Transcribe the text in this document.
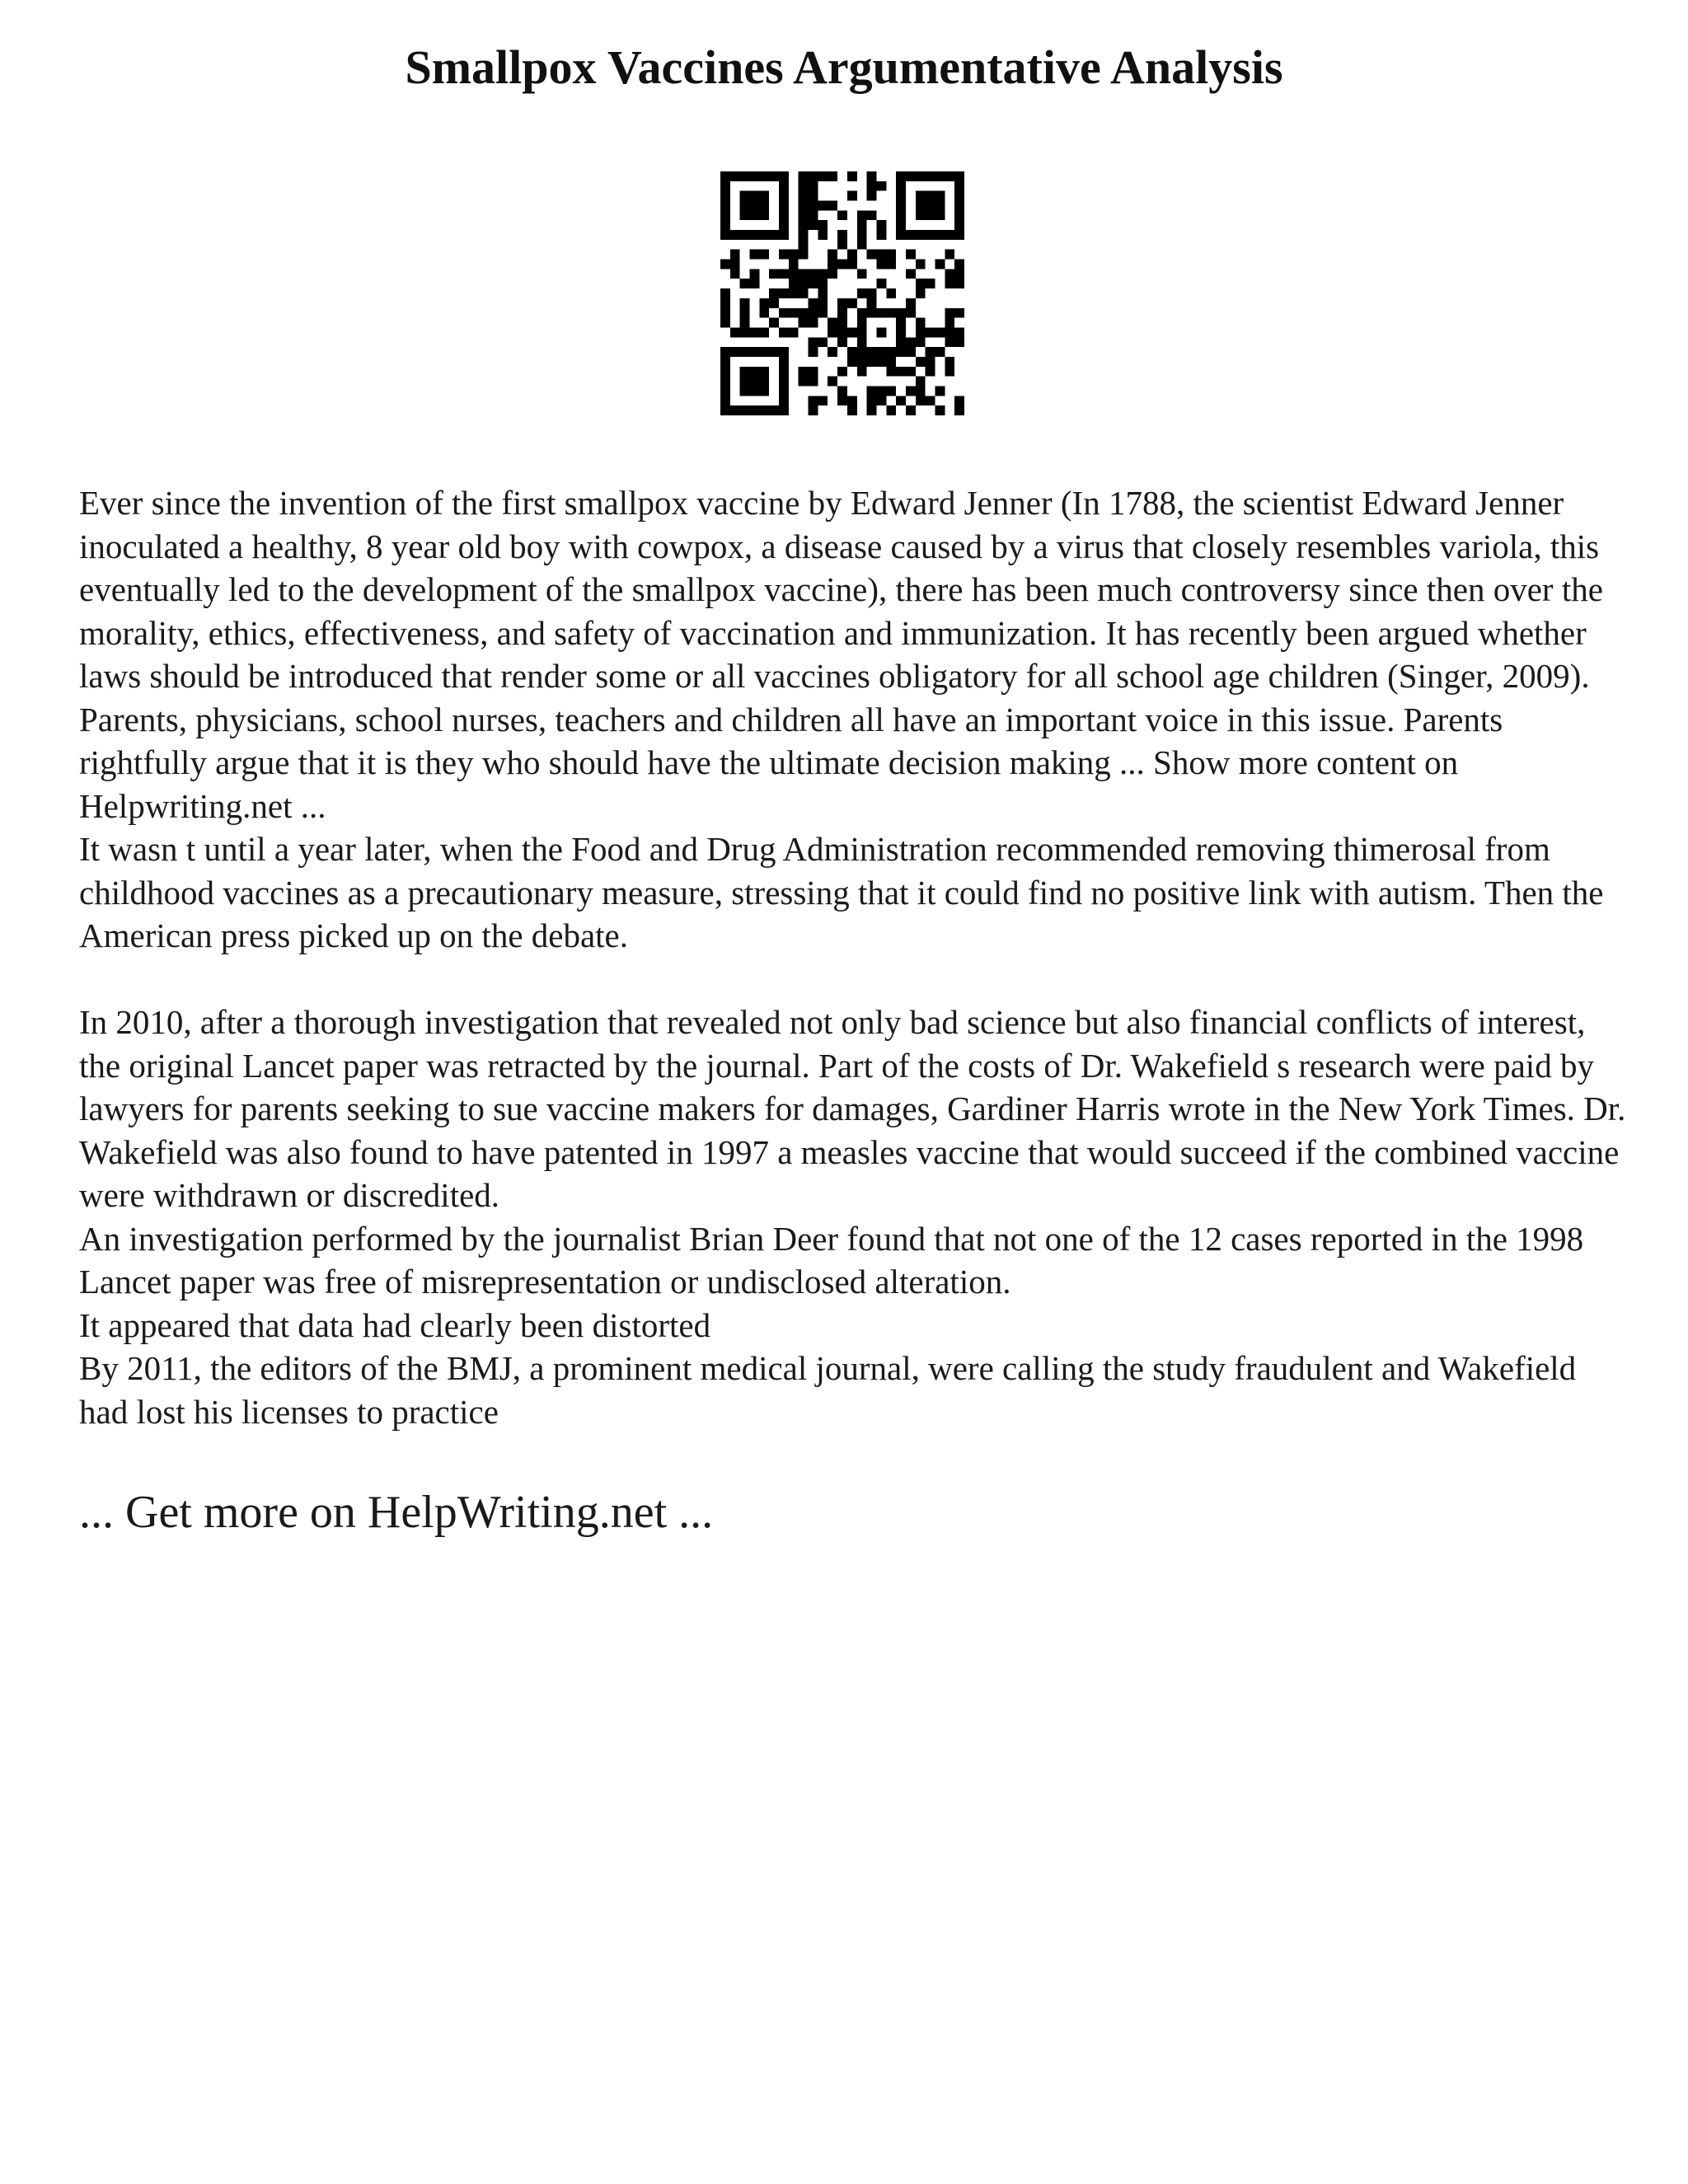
Smallpox Vaccines Argumentative Analysis

Ever since the invention of the first smallpox vaccine by Edward Jenner (In 1788, the scientist Edward Jenner inoculated a healthy, 8 year old boy with cowpox, a disease caused by a virus that closely resembles variola, this eventually led to the development of the smallpox vaccine), there has been much controversy since then over the morality, ethics, effectiveness, and safety of vaccination and immunization. It has recently been argued whether laws should be introduced that render some or all vaccines obligatory for all school age children (Singer, 2009). Parents, physicians, school nurses, teachers and children all have an important voice in this issue. Parents rightfully argue that it is they who should have the ultimate decision making ... Show more content on Helpwriting.net ...

It wasn t until a year later, when the Food and Drug Administration recommended removing thimerosal from childhood vaccines as a precautionary measure, stressing that it could find no positive link with autism. Then the American press picked up on the debate.

In 2010, after a thorough investigation that revealed not only bad science but also financial conflicts of interest, the original Lancet paper was retracted by the journal. Part of the costs of Dr. Wakefield s research were paid by lawyers for parents seeking to sue vaccine makers for damages, Gardiner Harris wrote in the New York Times. Dr. Wakefield was also found to have patented in 1997 a measles vaccine that would succeed if the combined vaccine were withdrawn or discredited.

An investigation performed by the journalist Brian Deer found that not one of the 12 cases reported in the 1998 Lancet paper was free of misrepresentation or undisclosed alteration.

It appeared that data had clearly been distorted

By 2011, the editors of the BMJ, a prominent medical journal, were calling the study fraudulent and Wakefield had lost his licenses to practice

... Get more on HelpWriting.net ...
